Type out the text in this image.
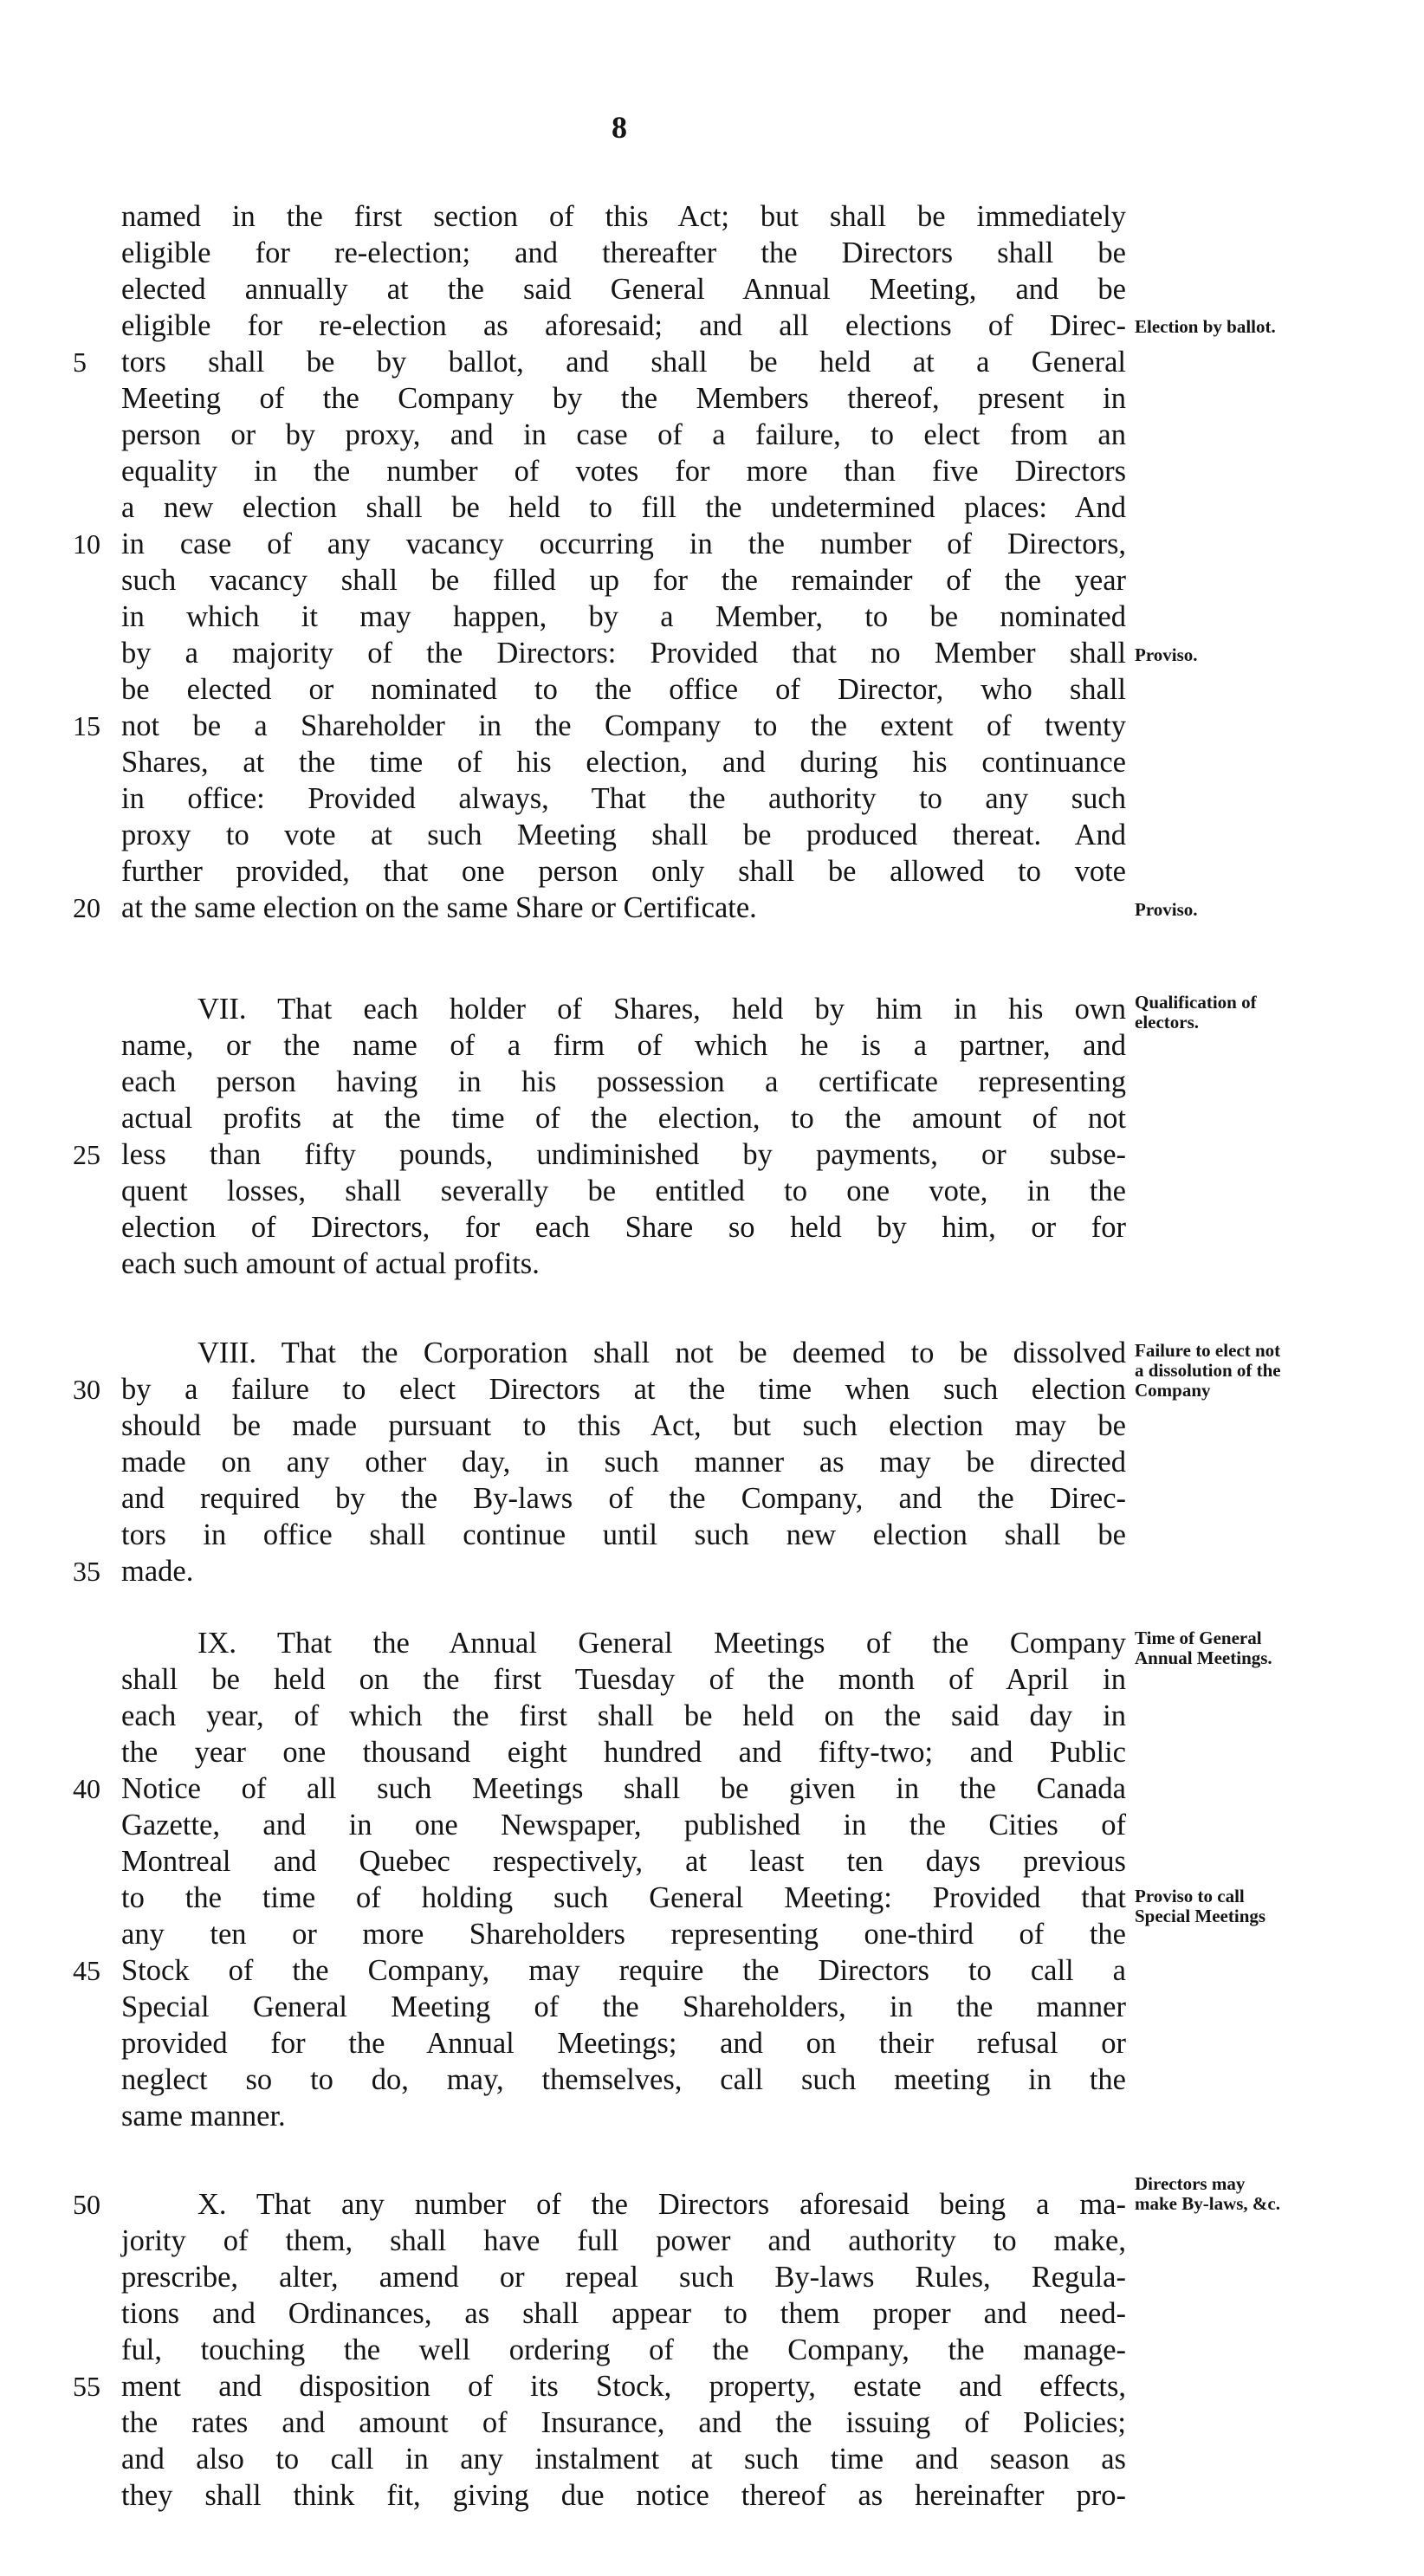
8
named in the first section of this Act; but shall be immediately
eligible for re-election; and thereafter the Directors shall be
elected annually at the said General Annual Meeting, and be
eligible for re-election as aforesaid; and all elections of Direc-
tors shall be by ballot, and shall be held at a General
Meeting of the Company by the Members thereof, present in
person or by proxy, and in case of a failure, to elect from an
equality in the number of votes for more than five Directors
a new election shall be held to fill the undetermined places: And
in case of any vacancy occurring in the number of Directors,
such vacancy shall be filled up for the remainder of the year
in which it may happen, by a Member, to be nominated
by a majority of the Directors: Provided that no Member shall
be elected or nominated to the office of Director, who shall
not be a Shareholder in the Company to the extent of twenty
Shares, at the time of his election, and during his continuance
in office: Provided always, That the authority to any such
proxy to vote at such Meeting shall be produced thereat. And
further provided, that one person only shall be allowed to vote
at the same election on the same Share or Certificate.
VII. That each holder of Shares, held by him in his own
name, or the name of a firm of which he is a partner, and
each person having in his possession a certificate representing
actual profits at the time of the election, to the amount of not
less than fifty pounds, undiminished by payments, or subse-
quent losses, shall severally be entitled to one vote, in the
election of Directors, for each Share so held by him, or for
each such amount of actual profits.
VIII. That the Corporation shall not be deemed to be dissolved
by a failure to elect Directors at the time when such election
should be made pursuant to this Act, but such election may be
made on any other day, in such manner as may be directed
and required by the By-laws of the Company, and the Direc-
tors in office shall continue until such new election shall be
made.
IX. That the Annual General Meetings of the Company
shall be held on the first Tuesday of the month of April in
each year, of which the first shall be held on the said day in
the year one thousand eight hundred and fifty-two; and Public
Notice of all such Meetings shall be given in the Canada
Gazette, and in one Newspaper, published in the Cities of
Montreal and Quebec respectively, at least ten days previous
to the time of holding such General Meeting: Provided that
any ten or more Shareholders representing one-third of the
Stock of the Company, may require the Directors to call a
Special General Meeting of the Shareholders, in the manner
provided for the Annual Meetings; and on their refusal or
neglect so to do, may, themselves, call such meeting in the
same manner.
X. That any number of the Directors aforesaid being a ma-
jority of them, shall have full power and authority to make,
prescribe, alter, amend or repeal such By-laws Rules, Regula-
tions and Ordinances, as shall appear to them proper and need-
ful, touching the well ordering of the Company, the manage-
ment and disposition of its Stock, property, estate and effects,
the rates and amount of Insurance, and the issuing of Policies;
and also to call in any instalment at such time and season as
they shall think fit, giving due notice thereof as hereinafter pro-
5
10
15
20
25
30
35
40
45
50
55
Election by ballot.
Proviso.
Proviso.
Qualification of electors.
Failure to elect not a dissolution of the Company
Time of General Annual Meetings.
Proviso to call Special Meetings
Directors may make By-laws, &c.
